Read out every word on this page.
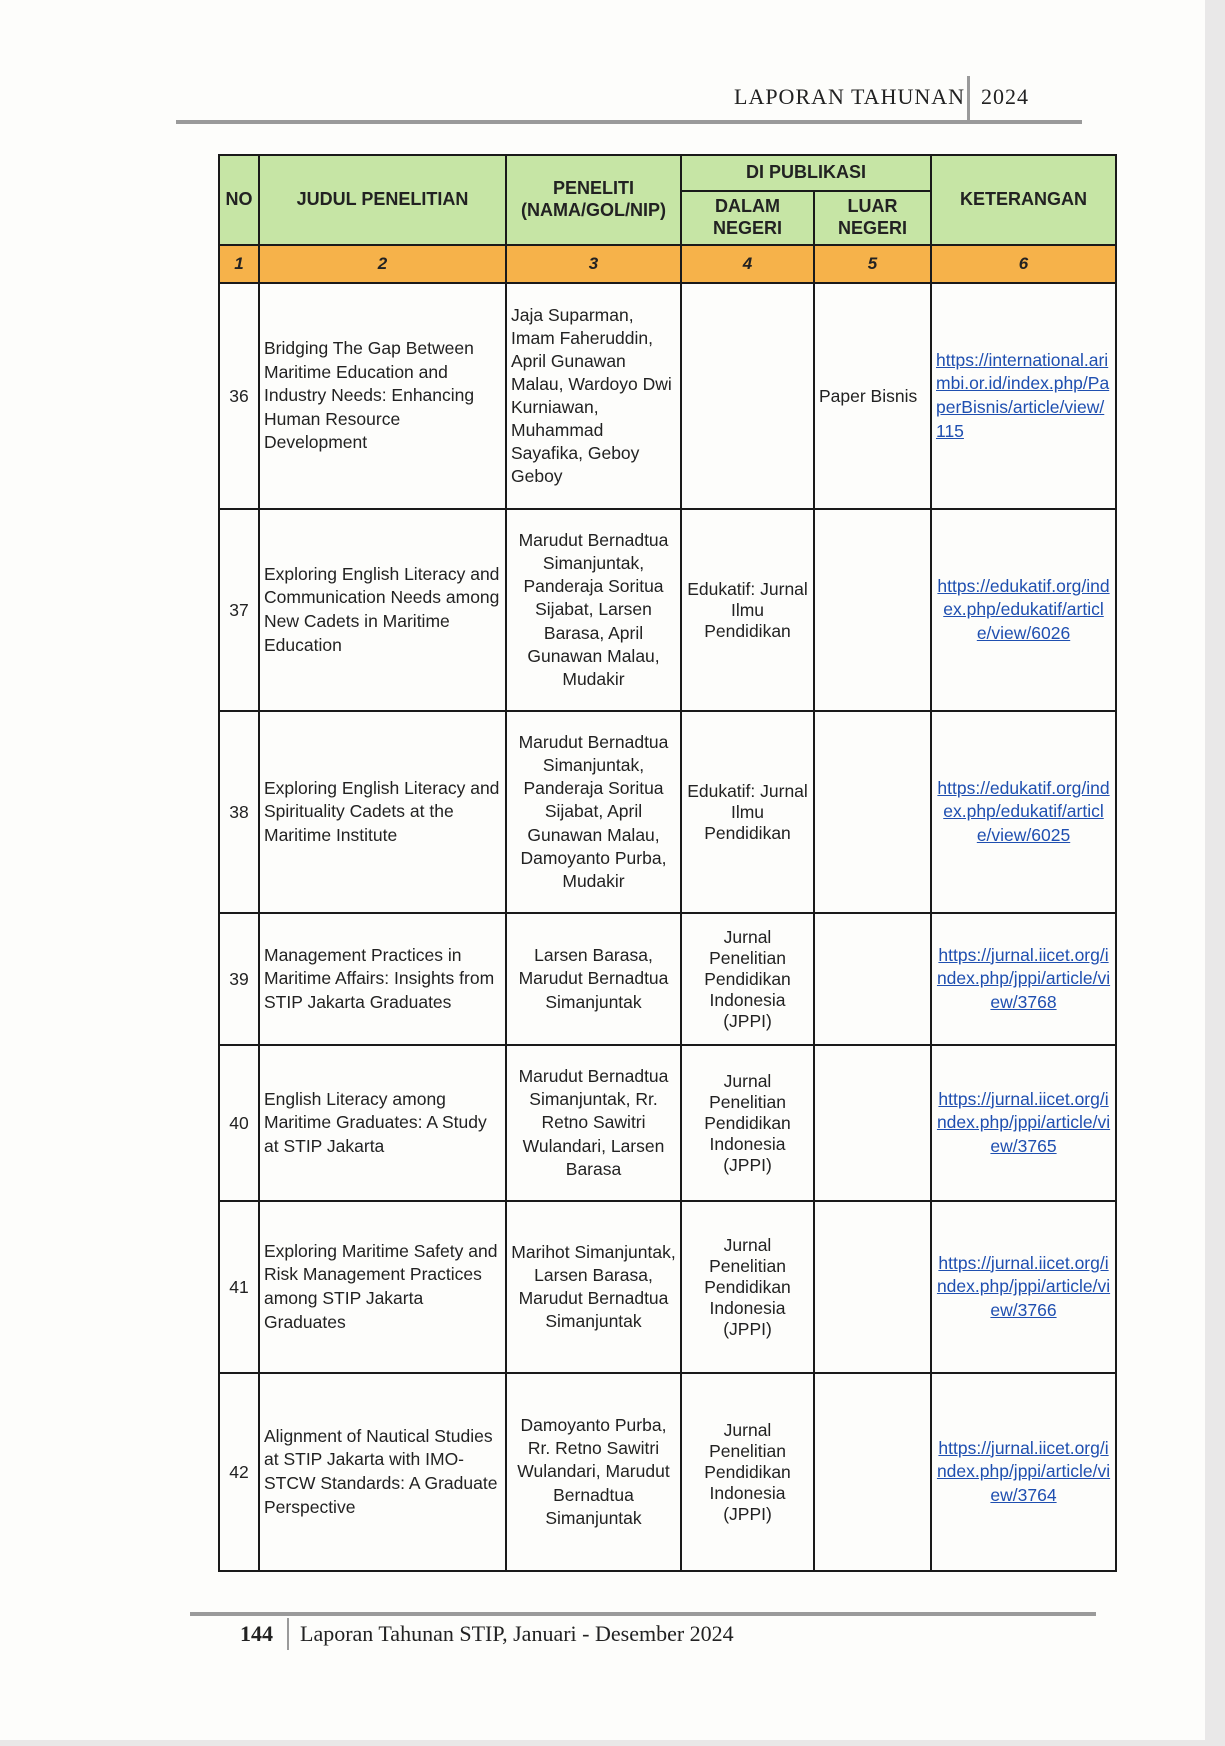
LAPORAN TAHUNAN 2024
NO	JUDUL PENELITIAN	PENELITI (NAMA/GOL/NIP)	DI PUBLIKASI		KETERANGAN
			DALAM NEGERI	LUAR NEGERI	
1	2	3	4	5	6
36	Bridging The Gap Between Maritime Education and Industry Needs: Enhancing Human Resource Development	Jaja Suparman, Imam Faheruddin, April Gunawan Malau, Wardoyo Dwi Kurniawan, Muhammad Sayafika, Geboy Geboy		Paper Bisnis	https://international.arimbi.or.id/index.php/PaperBisnis/article/view/115
37	Exploring English Literacy and Communication Needs among New Cadets in Maritime Education	Marudut Bernadtua Simanjuntak, Panderaja Soritua Sijabat, Larsen Barasa, April Gunawan Malau, Mudakir	Edukatif: Jurnal Ilmu Pendidikan		https://edukatif.org/index.php/edukatif/article/view/6026
38	Exploring English Literacy and Spirituality Cadets at the Maritime Institute	Marudut Bernadtua Simanjuntak, Panderaja Soritua Sijabat, April Gunawan Malau, Damoyanto Purba, Mudakir	Edukatif: Jurnal Ilmu Pendidikan		https://edukatif.org/index.php/edukatif/article/view/6025
39	Management Practices in Maritime Affairs: Insights from STIP Jakarta Graduates	Larsen Barasa, Marudut Bernadtua Simanjuntak	Jurnal Penelitian Pendidikan Indonesia (JPPI)		https://jurnal.iicet.org/index.php/jppi/article/view/3768
40	English Literacy among Maritime Graduates: A Study at STIP Jakarta	Marudut Bernadtua Simanjuntak, Rr. Retno Sawitri Wulandari, Larsen Barasa	Jurnal Penelitian Pendidikan Indonesia (JPPI)		https://jurnal.iicet.org/index.php/jppi/article/view/3765
41	Exploring Maritime Safety and Risk Management Practices among STIP Jakarta Graduates	Marihot Simanjuntak, Larsen Barasa, Marudut Bernadtua Simanjuntak	Jurnal Penelitian Pendidikan Indonesia (JPPI)		https://jurnal.iicet.org/index.php/jppi/article/view/3766
42	Alignment of Nautical Studies at STIP Jakarta with IMO-STCW Standards: A Graduate Perspective	Damoyanto Purba, Rr. Retno Sawitri Wulandari, Marudut Bernadtua Simanjuntak	Jurnal Penelitian Pendidikan Indonesia (JPPI)		https://jurnal.iicet.org/index.php/jppi/article/view/3764
144 Laporan Tahunan STIP, Januari - Desember 2024
